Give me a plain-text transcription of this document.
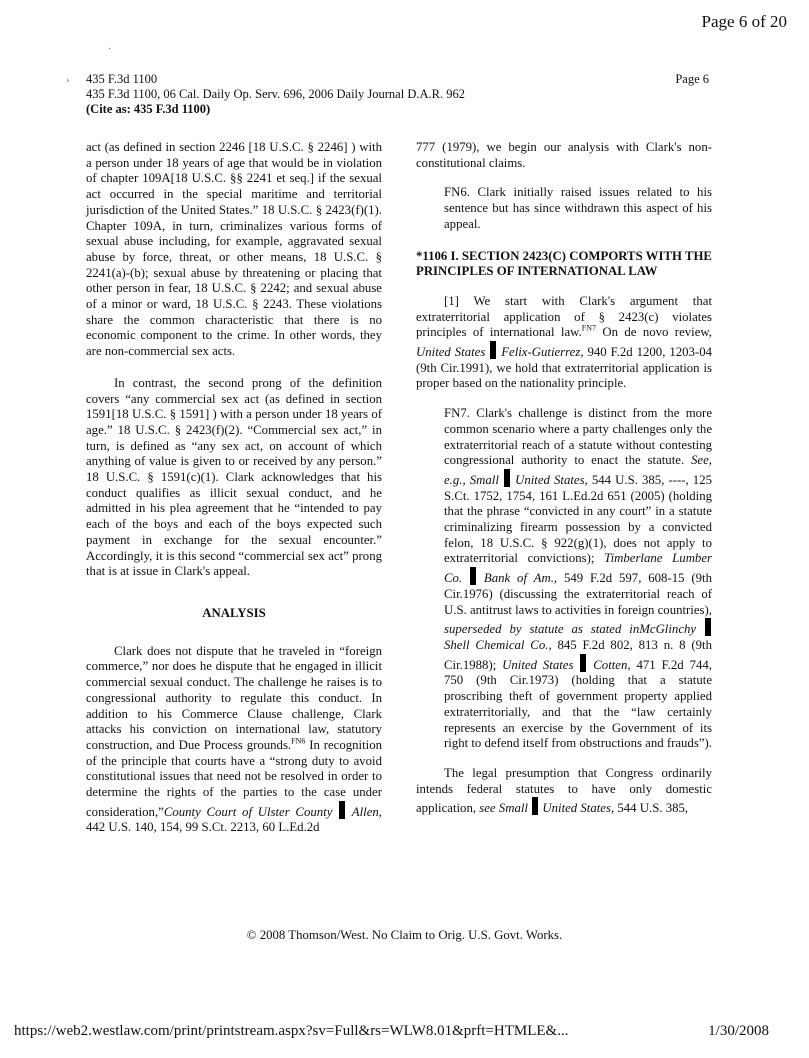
Page 6 of 20
·
› 435 F.3d 1100
435 F.3d 1100, 06 Cal. Daily Op. Serv. 696, 2006 Daily Journal D.A.R. 962
(Cite as: 435 F.3d 1100)
Page 6

act (as defined in section 2246 [18 U.S.C. § 2246] ) with a person under 18 years of age that would be in violation of chapter 109A[18 U.S.C. §§ 2241 et seq.] if the sexual act occurred in the special maritime and territorial jurisdiction of the United States.” 18 U.S.C. § 2423(f)(1). Chapter 109A, in turn, criminalizes various forms of sexual abuse including, for example, aggravated sexual abuse by force, threat, or other means, 18 U.S.C. § 2241(a)-(b); sexual abuse by threatening or placing that other person in fear, 18 U.S.C. § 2242; and sexual abuse of a minor or ward, 18 U.S.C. § 2243. These violations share the common characteristic that there is no economic component to the crime. In other words, they are non-commercial sex acts.

In contrast, the second prong of the definition covers “any commercial sex act (as defined in section 1591[18 U.S.C. § 1591] ) with a person under 18 years of age.” 18 U.S.C. § 2423(f)(2). “Commercial sex act,” in turn, is defined as “any sex act, on account of which anything of value is given to or received by any person.” 18 U.S.C. § 1591(c)(1). Clark acknowledges that his conduct qualifies as illicit sexual conduct, and he admitted in his plea agreement that he “intended to pay each of the boys and each of the boys expected such payment in exchange for the sexual encounter.” Accordingly, it is this second “commercial sex act” prong that is at issue in Clark's appeal.

ANALYSIS

Clark does not dispute that he traveled in “foreign commerce,” nor does he dispute that he engaged in illicit commercial sexual conduct. The challenge he raises is to congressional authority to regulate this conduct. In addition to his Commerce Clause challenge, Clark attacks his conviction on international law, statutory construction, and Due Process grounds.$^{FN6}$ In recognition of the principle that courts have a “strong duty to avoid constitutional issues that need not be resolved in order to determine the rights of the parties to the case under consideration,”County Court of Ulster County Allen, 442 U.S. 140, 154, 99 S.Ct. 2213, 60 L.Ed.2d

777 (1979), we begin our analysis with Clark's non-constitutional claims.

FN6. Clark initially raised issues related to his sentence but has since withdrawn this aspect of his appeal.

*1106 I. SECTION 2423(C) COMPORTS WITH THE PRINCIPLES OF INTERNATIONAL LAW

[1] We start with Clark's argument that extraterritorial application of § 2423(c) violates principles of international law.$^{FN7}$ On de novo review, United States Felix-Gutierrez, 940 F.2d 1200, 1203-04 (9th Cir.1991), we hold that extraterritorial application is proper based on the nationality principle.

FN7. Clark's challenge is distinct from the more common scenario where a party challenges only the extraterritorial reach of a statute without contesting congressional authority to enact the statute. See, e.g., Small United States, 544 U.S. 385, ----, 125 S.Ct. 1752, 1754, 161 L.Ed.2d 651 (2005) (holding that the phrase “convicted in any court” in a statute criminalizing firearm possession by a convicted felon, 18 U.S.C. § 922(g)(1), does not apply to extraterritorial convictions); Timberlane Lumber Co. Bank of Am., 549 F.2d 597, 608-15 (9th Cir.1976) (discussing the extraterritorial reach of U.S. antitrust laws to activities in foreign countries), superseded by statute as stated inMcGlinchy  Shell Chemical Co., 845 F.2d 802, 813 n. 8 (9th Cir.1988); United States Cotten, 471 F.2d 744, 750 (9th Cir.1973) (holding that a statute proscribing theft of government property applied extraterritorially, and that the “law certainly represents an exercise by the Government of its right to defend itself from obstructions and frauds”).

The legal presumption that Congress ordinarily intends federal statutes to have only domestic application, see Small  United States, 544 U.S. 385,

© 2008 Thomson/West. No Claim to Orig. U.S. Govt. Works.
https://web2.westlaw.com/print/printstream.aspx?sv=Full&rs=WLW8.01&prft=HTMLE&...	1/30/2008
